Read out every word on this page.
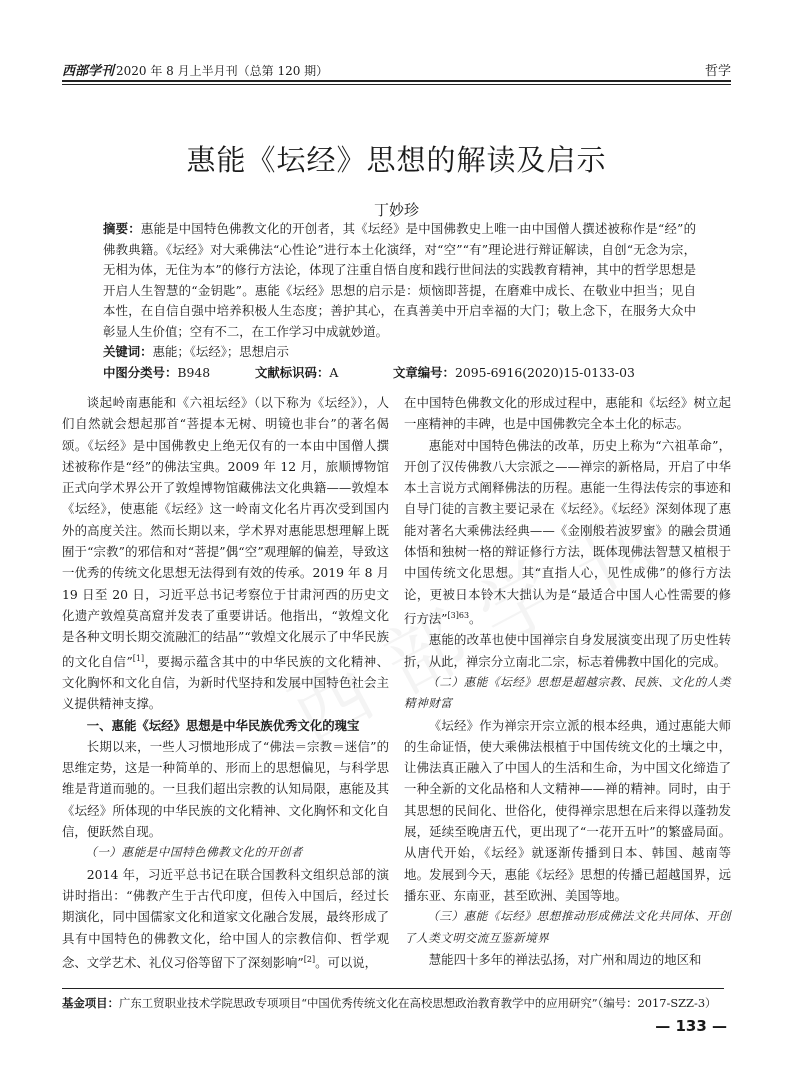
西部学刊 2020 年 8 月上半月刊（总第 120 期）	哲学
惠能《坛经》思想的解读及启示
丁妙珍
摘要：惠能是中国特色佛教文化的开创者，其《坛经》是中国佛教史上唯一由中国僧人撰述被称作是“经”的佛教典籍。《坛经》对大乘佛法“心性论”进行本土化演绎，对“空”“有”理论进行辩证解读，自创“无念为宗，无相为体，无住为本”的修行方法论，体现了注重自悟自度和践行世间法的实践教育精神，其中的哲学思想是开启人生智慧的“金钥匙”。惠能《坛经》思想的启示是：烦恼即菩提，在磨难中成长、在敬业中担当；见自本性，在自信自强中培养积极人生态度；善护其心，在真善美中开启幸福的大门；敬上念下，在服务大众中彰显人生价值；空有不二，在工作学习中成就妙道。
关键词：惠能；《坛经》；思想启示
中图分类号：B948	文献标识码：A	文章编号：2095-6916(2020)15-0133-03

谈起岭南惠能和《六祖坛经》（以下称为《坛经》），人们自然就会想起那首“菩提本无树、明镜也非台”的著名偈颂。《坛经》是中国佛教史上绝无仅有的一本由中国僧人撰述被称作是“经”的佛法宝典。2009 年 12 月，旅顺博物馆正式向学术界公开了敦煌博物馆藏佛法文化典籍——敦煌本《坛经》，使惠能《坛经》这一岭南文化名片再次受到国内外的高度关注。然而长期以来，学术界对惠能思想理解上既囿于“宗教”的邪信和对“菩提”偶“空”观理解的偏差，导致这一优秀的传统文化思想无法得到有效的传承。2019 年 8 月 19 日至 20 日，习近平总书记考察位于甘肃河西的历史文化遗产敦煌莫高窟并发表了重要讲话。他指出，“敦煌文化是各种文明长期交流融汇的结晶”“敦煌文化展示了中华民族的文化自信”[1]，要揭示蕴含其中的中华民族的文化精神、文化胸怀和文化自信，为新时代坚持和发展中国特色社会主义提供精神支撑。

一、惠能《坛经》思想是中华民族优秀文化的瑰宝

长期以来，一些人习惯地形成了“佛法＝宗教＝迷信”的思维定势，这是一种简单的、形而上的思想偏见，与科学思维是背道而驰的。一旦我们超出宗教的认知局限，惠能及其《坛经》所体现的中华民族的文化精神、文化胸怀和文化自信，便跃然自现。

（一）惠能是中国特色佛教文化的开创者

2014 年，习近平总书记在联合国教科文组织总部的演讲时指出：“佛教产生于古代印度，但传入中国后，经过长期演化，同中国儒家文化和道家文化融合发展，最终形成了具有中国特色的佛教文化，给中国人的宗教信仰、哲学观念、文学艺术、礼仪习俗等留下了深刻影响”[2]。可以说，

在中国特色佛教文化的形成过程中，惠能和《坛经》树立起一座精神的丰碑，也是中国佛教完全本土化的标志。

惠能对中国特色佛法的改革，历史上称为“六祖革命”，开创了汉传佛教八大宗派之——禅宗的新格局，开启了中华本土言说方式阐释佛法的历程。惠能一生得法传宗的事迹和自导门徒的言教主要记录在《坛经》。《坛经》深刻体现了惠能对著名大乘佛法经典——《金刚般若波罗蜜》的融会贯通体悟和独树一格的辩证修行方法，既体现佛法智慧又植根于中国传统文化思想。其“直指人心，见性成佛”的修行方法论，更被日本铃木大拙认为是“最适合中国人心性需要的修行方法”$^{[3]63}$。

惠能的改革也使中国禅宗自身发展演变出现了历史性转折，从此，禅宗分立南北二宗，标志着佛教中国化的完成。

（二）惠能《坛经》思想是超越宗教、民族、文化的人类精神财富

《坛经》作为禅宗开宗立派的根本经典，通过惠能大师的生命证悟，使大乘佛法根植于中国传统文化的土壤之中，让佛法真正融入了中国人的生活和生命，为中国文化缔造了一种全新的文化品格和人文精神——禅的精神。同时，由于其思想的民间化、世俗化，使得禅宗思想在后来得以蓬勃发展，延续至晚唐五代，更出现了“一花开五叶”的繁盛局面。从唐代开始，《坛经》就逐渐传播到日本、韩国、越南等地。发展到今天，惠能《坛经》思想的传播已超越国界，远播东亚、东南亚，甚至欧洲、美国等地。

（三）惠能《坛经》思想推动形成佛法文化共同体、开创了人类文明交流互鉴新境界

慧能四十多年的禅法弘扬，对广州和周边的地区和

基金项目：广东工贸职业技术学院思政专项项目“中国优秀传统文化在高校思想政治教育教学中的应用研究”（编号：2017-SZZ-3）
— 133 —
